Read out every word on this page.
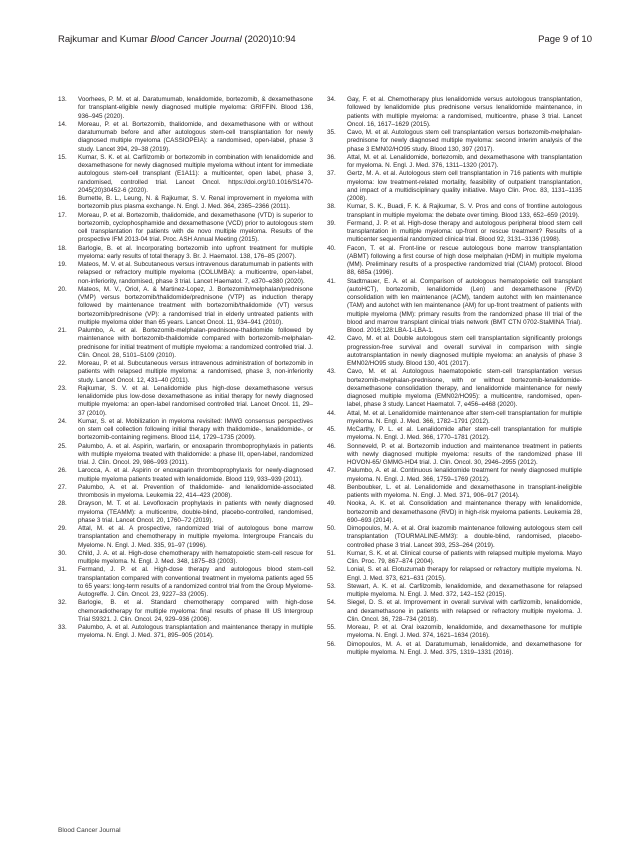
Rajkumar and Kumar Blood Cancer Journal (2020)10:94	Page 9 of 10
13. Voorhees, P. M. et al. Daratumumab, lenalidomide, bortezomib, & dexamethasone for transplant-eligible newly diagnosed multiple myeloma: GRIFFIN. Blood 136, 936–945 (2020).
14. Moreau, P. et al. Bortezomib, thalidomide, and dexamethasone with or without daratumumab before and after autologous stem-cell transplantation for newly diagnosed multiple myeloma (CASSIOPEIA): a randomised, open-label, phase 3 study. Lancet 394, 29–38 (2019).
15. Kumar, S. K. et al. Carfilzomib or bortezomib in combination with lenalidomide and dexamethasone for newly diagnosed multiple myeloma without intent for immediate autologous stem-cell transplant (E1A11): a multicenter, open label, phase 3, randomised, controlled trial. Lancet Oncol. https://doi.org/10.1016/S1470-2045(20)30452-6 (2020).
16. Burnette, B. L., Leung, N. & Rajkumar, S. V. Renal improvement in myeloma with bortezomib plus plasma exchange. N. Engl. J. Med. 364, 2365–2366 (2011).
17. Moreau, P. et al. Bortezomib, thalidomide, and dexamethasone (VTD) is superior to bortezomib, cyclophosphamide and dexamethasone (VCD) prior to autologous stem cell transplantation for patients with de novo multiple myeloma. Results of the prospective IFM 2013-04 trial. Proc. ASH Annual Meeting (2015).
18. Barlogie, B. et al. Incorporating bortezomib into upfront treatment for multiple myeloma: early results of total therapy 3. Br. J. Haematol. 138, 176–85 (2007).
19. Mateos, M. V. et al. Subcutaneous versus intravenous daratumumab in patients with relapsed or refractory multiple myeloma (COLUMBA): a multicentre, open-label, non-inferiority, randomised, phase 3 trial. Lancet Haematol. 7, e370–e380 (2020).
20. Mateos, M. V., Oriol, A. & Martinez-Lopez, J. Bortezomib/melphalan/prednisone (VMP) versus bortezomib/thalidomide/prednisone (VTP) as induction therapy followed by maintenance treatment with bortezomib/thalidomide (VT) versus bortezomib/prednisone (VP): a randomised trial in elderly untreated patients with multiple myeloma older than 65 years. Lancet Oncol. 11, 934–941 (2010).
21. Palumbo, A. et al. Bortezomib-melphalan-prednisone-thalidomide followed by maintenance with bortezomib-thalidomide compared with bortezomib-melphalan-prednisone for initial treatment of multiple myeloma: a randomized controlled trial. J. Clin. Oncol. 28, 5101–5109 (2010).
22. Moreau, P. et al. Subcutaneous versus intravenous administration of bortezomib in patients with relapsed multiple myeloma: a randomised, phase 3, non-inferiority study. Lancet Oncol. 12, 431–40 (2011).
23. Rajkumar, S. V. et al. Lenalidomide plus high-dose dexamethasone versus lenalidomide plus low-dose dexamethasone as initial therapy for newly diagnosed multiple myeloma: an open-label randomised controlled trial. Lancet Oncol. 11, 29–37 (2010).
24. Kumar, S. et al. Mobilization in myeloma revisited: IMWG consensus perspectives on stem cell collection following initial therapy with thalidomide-, lenalidomide-, or bortezomib-containing regimens. Blood 114, 1729–1735 (2009).
25. Palumbo, A. et al. Aspirin, warfarin, or enoxaparin thromboprophylaxis in patients with multiple myeloma treated with thalidomide: a phase III, open-label, randomized trial. J. Clin. Oncol. 29, 986–993 (2011).
26. Larocca, A. et al. Aspirin or enoxaparin thromboprophylaxis for newly-diagnosed multiple myeloma patients treated with lenalidomide. Blood 119, 933–939 (2011).
27. Palumbo, A. et al. Prevention of thalidomide- and lenalidomide-associated thrombosis in myeloma. Leukemia 22, 414–423 (2008).
28. Drayson, M. T. et al. Levofloxacin prophylaxis in patients with newly diagnosed myeloma (TEAMM): a multicentre, double-blind, placebo-controlled, randomised, phase 3 trial. Lancet Oncol. 20, 1760–72 (2019).
29. Attal, M. et al. A prospective, randomized trial of autologous bone marrow transplantation and chemotherapy in multiple myeloma. Intergroupe Francais du Myelome. N. Engl. J. Med. 335, 91–97 (1996).
30. Child, J. A. et al. High-dose chemotherapy with hematopoietic stem-cell rescue for multiple myeloma. N. Engl. J. Med. 348, 1875–83 (2003).
31. Fermand, J. P. et al. High-dose therapy and autologous blood stem-cell transplantation compared with conventional treatment in myeloma patients aged 55 to 65 years: long-term results of a randomized control trial from the Group Myelome-Autogreffe. J. Clin. Oncol. 23, 9227–33 (2005).
32. Barlogie, B. et al. Standard chemotherapy compared with high-dose chemoradiotherapy for multiple myeloma: final results of phase III US Intergroup Trial S9321. J. Clin. Oncol. 24, 929–936 (2006).
33. Palumbo, A. et al. Autologous transplantation and maintenance therapy in multiple myeloma. N. Engl. J. Med. 371, 895–905 (2014).
34. Gay, F. et al. Chemotherapy plus lenalidomide versus autologous transplantation, followed by lenalidomide plus prednisone versus lenalidomide maintenance, in patients with multiple myeloma: a randomised, multicentre, phase 3 trial. Lancet Oncol. 16, 1617–1629 (2015).
35. Cavo, M. et al. Autologous stem cell transplantation versus bortezomib-melphalan-prednisone for newly diagnosed multiple myeloma: second interim analysis of the phase 3 EMN02/HO95 study. Blood 130, 397 (2017).
36. Attal, M. et al. Lenalidomide, bortezomib, and dexamethasone with transplantation for myeloma. N. Engl. J. Med. 376, 1311–1320 (2017).
37. Gertz, M. A. et al. Autologous stem cell transplantation in 716 patients with multiple myeloma: low treatment-related mortality, feasibility of outpatient transplantation, and impact of a multidisciplinary quality initiative. Mayo Clin. Proc. 83, 1131–1135 (2008).
38. Kumar, S. K., Buadi, F. K. & Rajkumar, S. V. Pros and cons of frontline autologous transplant in multiple myeloma: the debate over timing. Blood 133, 652–659 (2019).
39. Fermand, J. P. et al. High-dose therapy and autologous peripheral blood stem cell transplantation in multiple myeloma: up-front or rescue treatment? Results of a multicenter sequential randomized clinical trial. Blood 92, 3131–3136 (1998).
40. Facon, T. et al. Front-line or rescue autologous bone marrow transplantation (ABMT) following a first course of high dose melphalan (HDM) in multiple myeloma (MM). Preliminary results of a prospective randomized trial (CIAM) protocol. Blood 88, 685a (1996).
41. Stadtmauer, E. A. et al. Comparison of autologous hematopoietic cell transplant (autoHCT), bortezomib, lenalidomide (Len) and dexamethasone (RVD) consolidation with len maintenance (ACM), tandem autohct with len maintenance (TAM) and autohct with len maintenance (AM) for up-front treatment of patients with multiple myeloma (MM): primary results from the randomized phase III trial of the blood and marrow transplant clinical trials network (BMT CTN 0702-StaMINA Trial). Blood. 2016;128:LBA-1-LBA-1.
42. Cavo, M. et al. Double autologous stem cell transplantation significantly prolongs progression-free survival and overall survival in comparison with single autotransplantation in newly diagnosed multiple myeloma: an analysis of phase 3 EMN02/HO95 study. Blood 130, 401 (2017).
43. Cavo, M. et al. Autologous haematopoietic stem-cell transplantation versus bortezomib-melphalan-prednisone, with or without bortezomib-lenalidomide-dexamethasone consolidation therapy, and lenalidomide maintenance for newly diagnosed multiple myeloma (EMN02/HO95): a multicentre, randomised, open-label, phase 3 study. Lancet Haematol. 7, e456–e468 (2020).
44. Attal, M. et al. Lenalidomide maintenance after stem-cell transplantation for multiple myeloma. N. Engl. J. Med. 366, 1782–1791 (2012).
45. McCarthy, P. L. et al. Lenalidomide after stem-cell transplantation for multiple myeloma. N. Engl. J. Med. 366, 1770–1781 (2012).
46. Sonneveld, P. et al. Bortezomib induction and maintenance treatment in patients with newly diagnosed multiple myeloma: results of the randomized phase III HOVON-65/ GMMG-HD4 trial. J. Clin. Oncol. 30, 2946–2955 (2012).
47. Palumbo, A. et al. Continuous lenalidomide treatment for newly diagnosed multiple myeloma. N. Engl. J. Med. 366, 1759–1769 (2012).
48. Benboubker, L. et al. Lenalidomide and dexamethasone in transplant-ineligible patients with myeloma. N. Engl. J. Med. 371, 906–917 (2014).
49. Nooka, A. K. et al. Consolidation and maintenance therapy with lenalidomide, bortezomib and dexamethasone (RVD) in high-risk myeloma patients. Leukemia 28, 690–693 (2014).
50. Dimopoulos, M. A. et al. Oral ixazomib maintenance following autologous stem cell transplantation (TOURMALINE-MM3): a double-blind, randomised, placebo-controlled phase 3 trial. Lancet 393, 253–264 (2019).
51. Kumar, S. K. et al. Clinical course of patients with relapsed multiple myeloma. Mayo Clin. Proc. 79, 867–874 (2004).
52. Lonial, S. et al. Elotuzumab therapy for relapsed or refractory multiple myeloma. N. Engl. J. Med. 373, 621–631 (2015).
53. Stewart, A. K. et al. Carfilzomib, lenalidomide, and dexamethasone for relapsed multiple myeloma. N. Engl. J. Med. 372, 142–152 (2015).
54. Siegel, D. S. et al. Improvement in overall survival with carfilzomib, lenalidomide, and dexamethasone in patients with relapsed or refractory multiple myeloma. J. Clin. Oncol. 36, 728–734 (2018).
55. Moreau, P. et al. Oral ixazomib, lenalidomide, and dexamethasone for multiple myeloma. N. Engl. J. Med. 374, 1621–1634 (2016).
56. Dimopoulos, M. A. et al. Daratumumab, lenalidomide, and dexamethasone for multiple myeloma. N. Engl. J. Med. 375, 1319–1331 (2016).
Blood Cancer Journal
